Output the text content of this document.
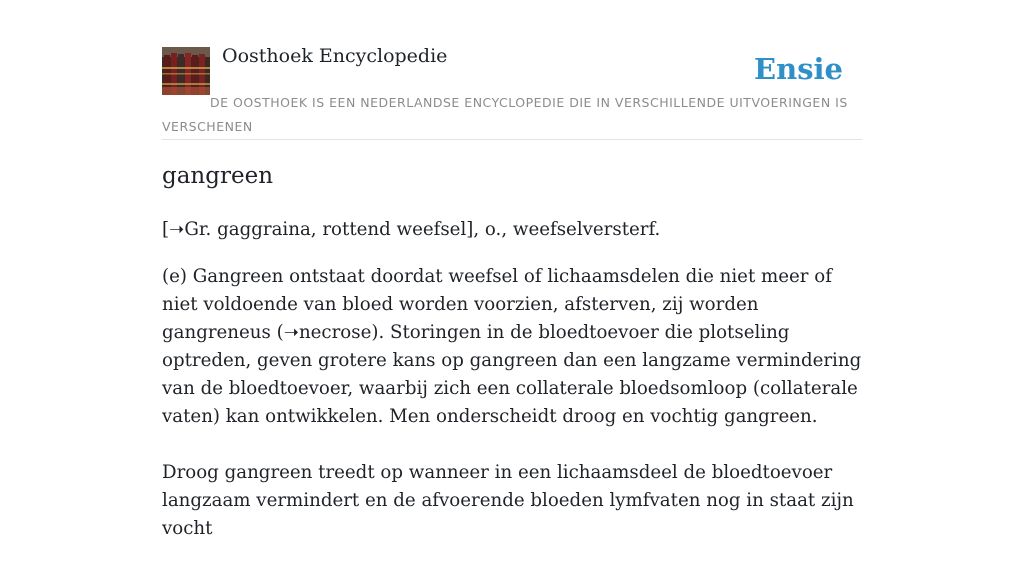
Oosthoek Encyclopedie	Ensie
DE OOSTHOEK IS EEN NEDERLANDSE ENCYCLOPEDIE DIE IN VERSCHILLENDE UITVOERINGEN IS VERSCHENEN
gangreen

[➝Gr. gaggraina, rottend weefsel], o., weefselversterf.

(e) Gangreen ontstaat doordat weefsel of lichaamsdelen die niet meer of niet voldoende van bloed worden voorzien, afsterven, zij worden gangreneus (➝necrose). Storingen in de bloedtoevoer die plotseling optreden, geven grotere kans op gangreen dan een langzame vermindering van de bloedtoevoer, waarbij zich een collaterale bloedsomloop (collaterale vaten) kan ontwikkelen. Men onderscheidt droog en vochtig gangreen.

Droog gangreen treedt op wanneer in een lichaamsdeel de bloedtoevoer langzaam vermindert en de afvoerende bloeden lymfvaten nog in staat zijn vocht
